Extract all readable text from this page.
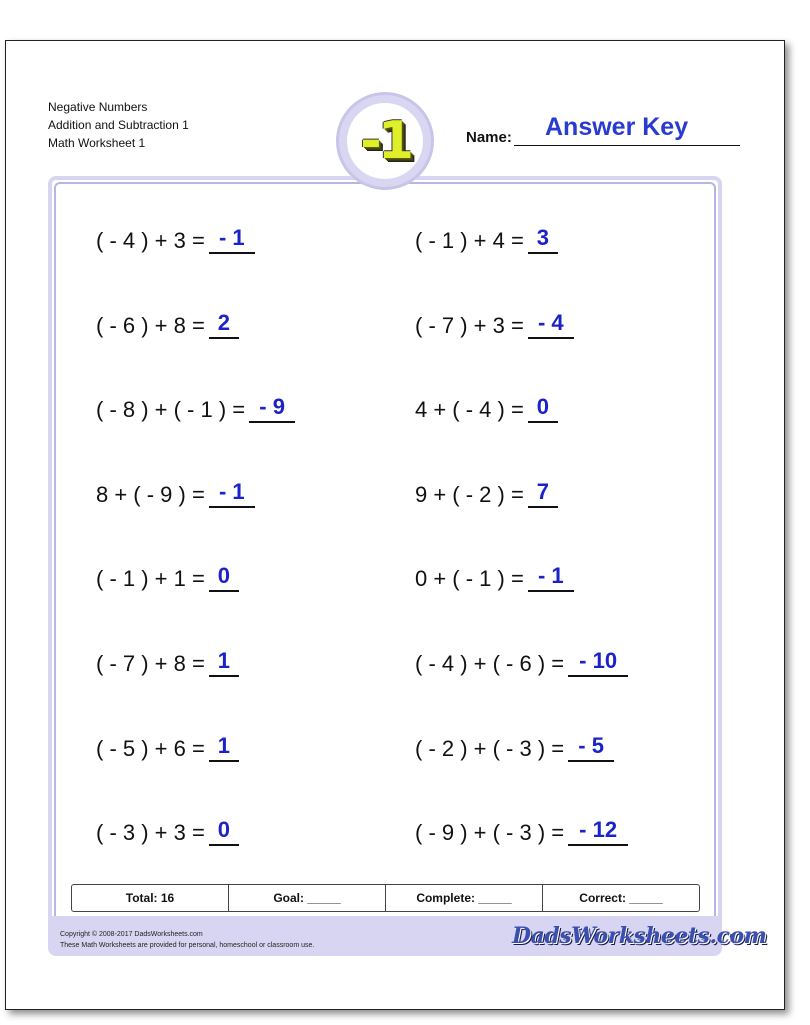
Negative Numbers
Addition and Subtraction 1
Math Worksheet 1	-1	Name: Answer Key
( - 4 ) + 3 = - 1	( - 1 ) + 4 = 3
( - 6 ) + 8 = 2	( - 7 ) + 3 = - 4
( - 8 ) + ( - 1 ) = - 9	4 + ( - 4 ) = 0
8 + ( - 9 ) = - 1	9 + ( - 2 ) = 7
( - 1 ) + 1 = 0	0 + ( - 1 ) = - 1
( - 7 ) + 8 = 1	( - 4 ) + ( - 6 ) = - 10
( - 5 ) + 6 = 1	( - 2 ) + ( - 3 ) = - 5
( - 3 ) + 3 = 0	( - 9 ) + ( - 3 ) = - 12
Total: 16	Goal: _____	Complete: _____	Correct: _____
Copyright © 2008-2017 DadsWorksheets.com
These Math Worksheets are provided for personal, homeschool or classroom use.	DadsWorksheets.com
